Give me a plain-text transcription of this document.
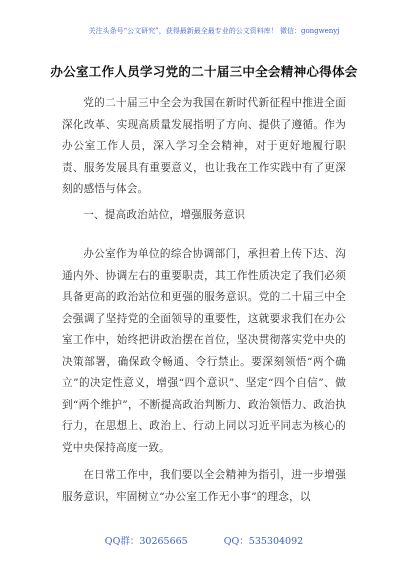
关注头条号“公文研究”，获得最新最全最专业的公文资料库！ 微信：gongwenyj
办公室工作人员学习党的二十届三中全会精神心得体会

党的二十届三中全会为我国在新时代新征程中推进全面深化改革、实现高质量发展指明了方向、提供了遵循。作为办公室工作人员，深入学习全会精神，对于更好地履行职责、服务发展具有重要意义，也让我在工作实践中有了更深刻的感悟与体会。

一、提高政治站位，增强服务意识

办公室作为单位的综合协调部门，承担着上传下达、沟通内外、协调左右的重要职责，其工作性质决定了我们必须具备更高的政治站位和更强的服务意识。党的二十届三中全会强调了坚持党的全面领导的重要性，这就要求我们在办公室工作中，始终把讲政治摆在首位，坚决贯彻落实党中央的决策部署，确保政令畅通、令行禁止。要深刻领悟“两个确立”的决定性意义，增强“四个意识”、坚定“四个自信”、做到“两个维护”，不断提高政治判断力、政治领悟力、政治执行力，在思想上、政治上、行动上同以习近平同志为核心的党中央保持高度一致。

在日常工作中，我们要以全会精神为指引，进一步增强服务意识，牢固树立“办公室工作无小事”的理念，以

QQ群：30265665	QQ：535304092
